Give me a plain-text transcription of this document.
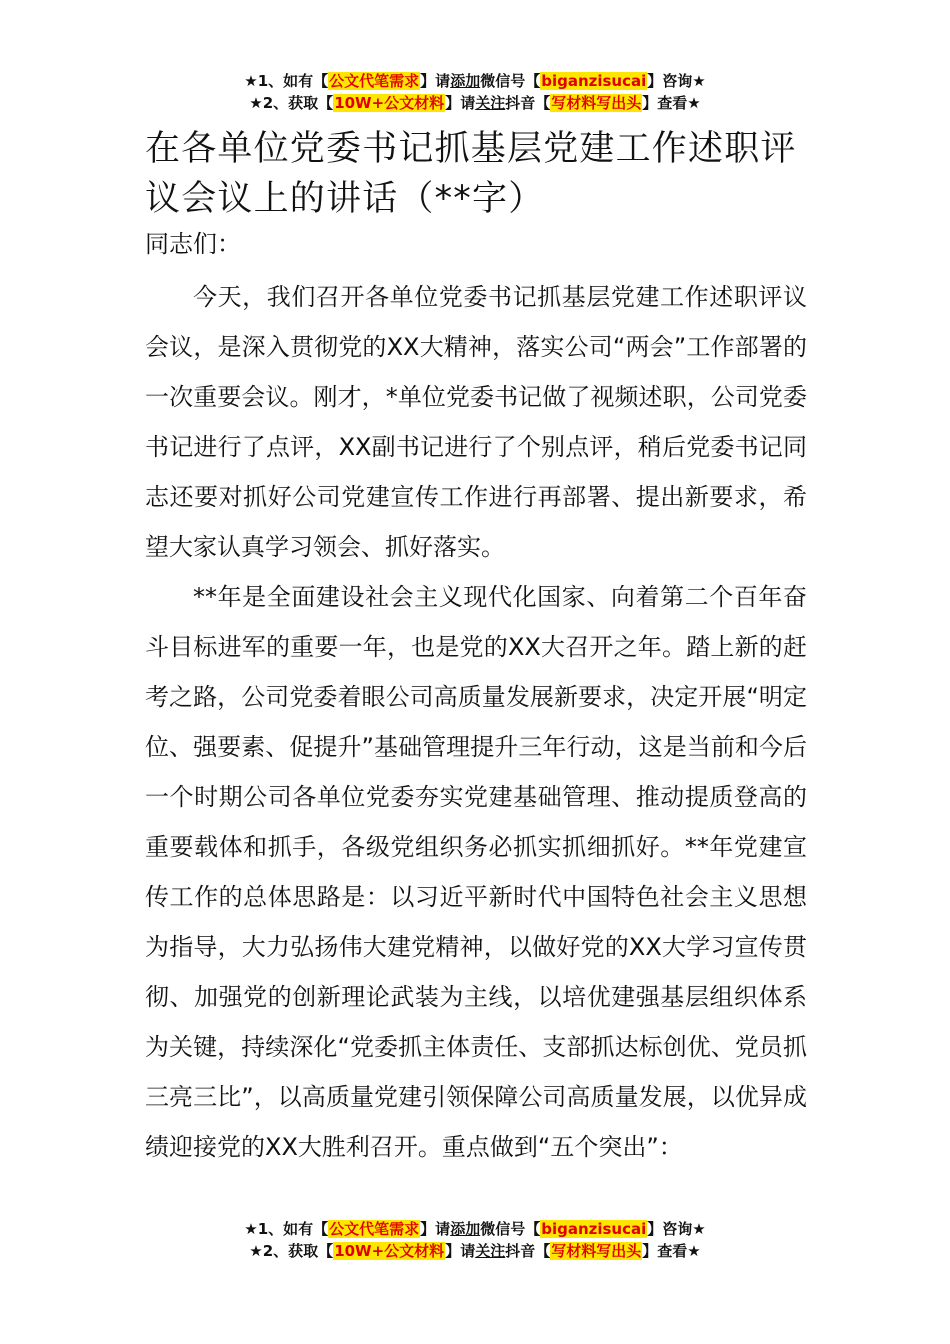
★1、如有【公文代笔需求】请添加微信号【biganzisucai】咨询★
★2、获取【10W+公文材料】请关注抖音【写材料写出头】查看★
在各单位党委书记抓基层党建工作述职评议会议上的讲话（**字）
同志们：

今天，我们召开各单位党委书记抓基层党建工作述职评议会议，是深入贯彻党的XX大精神，落实公司“两会”工作部署的一次重要会议。刚才，*单位党委书记做了视频述职，公司党委书记进行了点评，XX副书记进行了个别点评，稍后党委书记同志还要对抓好公司党建宣传工作进行再部署、提出新要求，希望大家认真学习领会、抓好落实。

**年是全面建设社会主义现代化国家、向着第二个百年奋斗目标进军的重要一年，也是党的XX大召开之年。踏上新的赶考之路，公司党委着眼公司高质量发展新要求，决定开展“明定位、强要素、促提升”基础管理提升三年行动，这是当前和今后一个时期公司各单位党委夯实党建基础管理、推动提质登高的重要载体和抓手，各级党组织务必抓实抓细抓好。**年党建宣传工作的总体思路是：以习近平新时代中国特色社会主义思想为指导，大力弘扬伟大建党精神，以做好党的XX大学习宣传贯彻、加强党的创新理论武装为主线，以培优建强基层组织体系为关键，持续深化“党委抓主体责任、支部抓达标创优、党员抓三亮三比”，以高质量党建引领保障公司高质量发展，以优异成绩迎接党的XX大胜利召开。重点做到“五个突出”：

★1、如有【公文代笔需求】请添加微信号【biganzisucai】咨询★
★2、获取【10W+公文材料】请关注抖音【写材料写出头】查看★
